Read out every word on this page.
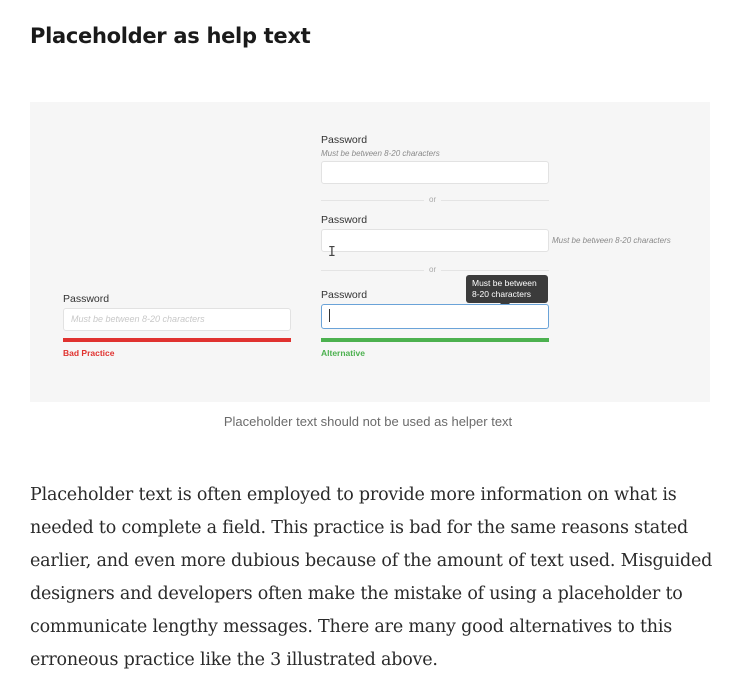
Placeholder as help text
Password
Must be between 8-20 characters
Bad Practice
Password
Must be between 8-20 characters
or
Password
Must be between 8-20 characters
I
or
Password
Must be between
8-20 characters
Alternative

Placeholder text should not be used as helper text

Placeholder text is often employed to provide more information on what is needed to complete a field. This practice is bad for the same reasons stated earlier, and even more dubious because of the amount of text used. Misguided designers and developers often make the mistake of using a placeholder to communicate lengthy messages. There are many good alternatives to this erroneous practice like the 3 illustrated above.
